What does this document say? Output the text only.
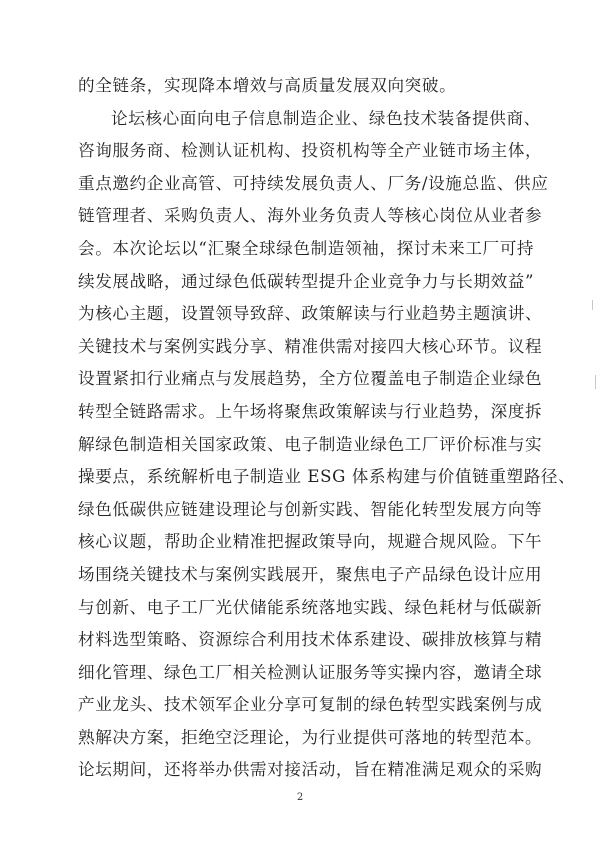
的全链条，实现降本增效与高质量发展双向突破。
论坛核心面向电子信息制造企业、绿色技术装备提供商、
咨询服务商、检测认证机构、投资机构等全产业链市场主体，
重点邀约企业高管、可持续发展负责人、厂务/设施总监、供应
链管理者、采购负责人、海外业务负责人等核心岗位从业者参
会。本次论坛以“汇聚全球绿色制造领袖，探讨未来工厂可持
续发展战略，通过绿色低碳转型提升企业竞争力与长期效益”
为核心主题，设置领导致辞、政策解读与行业趋势主题演讲、
关键技术与案例实践分享、精准供需对接四大核心环节。议程
设置紧扣行业痛点与发展趋势，全方位覆盖电子制造企业绿色
转型全链路需求。上午场将聚焦政策解读与行业趋势，深度拆
解绿色制造相关国家政策、电子制造业绿色工厂评价标准与实
操要点，系统解析电子制造业 ESG 体系构建与价值链重塑路径、
绿色低碳供应链建设理论与创新实践、智能化转型发展方向等
核心议题，帮助企业精准把握政策导向，规避合规风险。下午
场围绕关键技术与案例实践展开，聚焦电子产品绿色设计应用
与创新、电子工厂光伏储能系统落地实践、绿色耗材与低碳新
材料选型策略、资源综合利用技术体系建设、碳排放核算与精
细化管理、绿色工厂相关检测认证服务等实操内容，邀请全球
产业龙头、技术领军企业分享可复制的绿色转型实践案例与成
熟解决方案，拒绝空泛理论，为行业提供可落地的转型范本。
论坛期间，还将举办供需对接活动，旨在精准满足观众的采购
2
